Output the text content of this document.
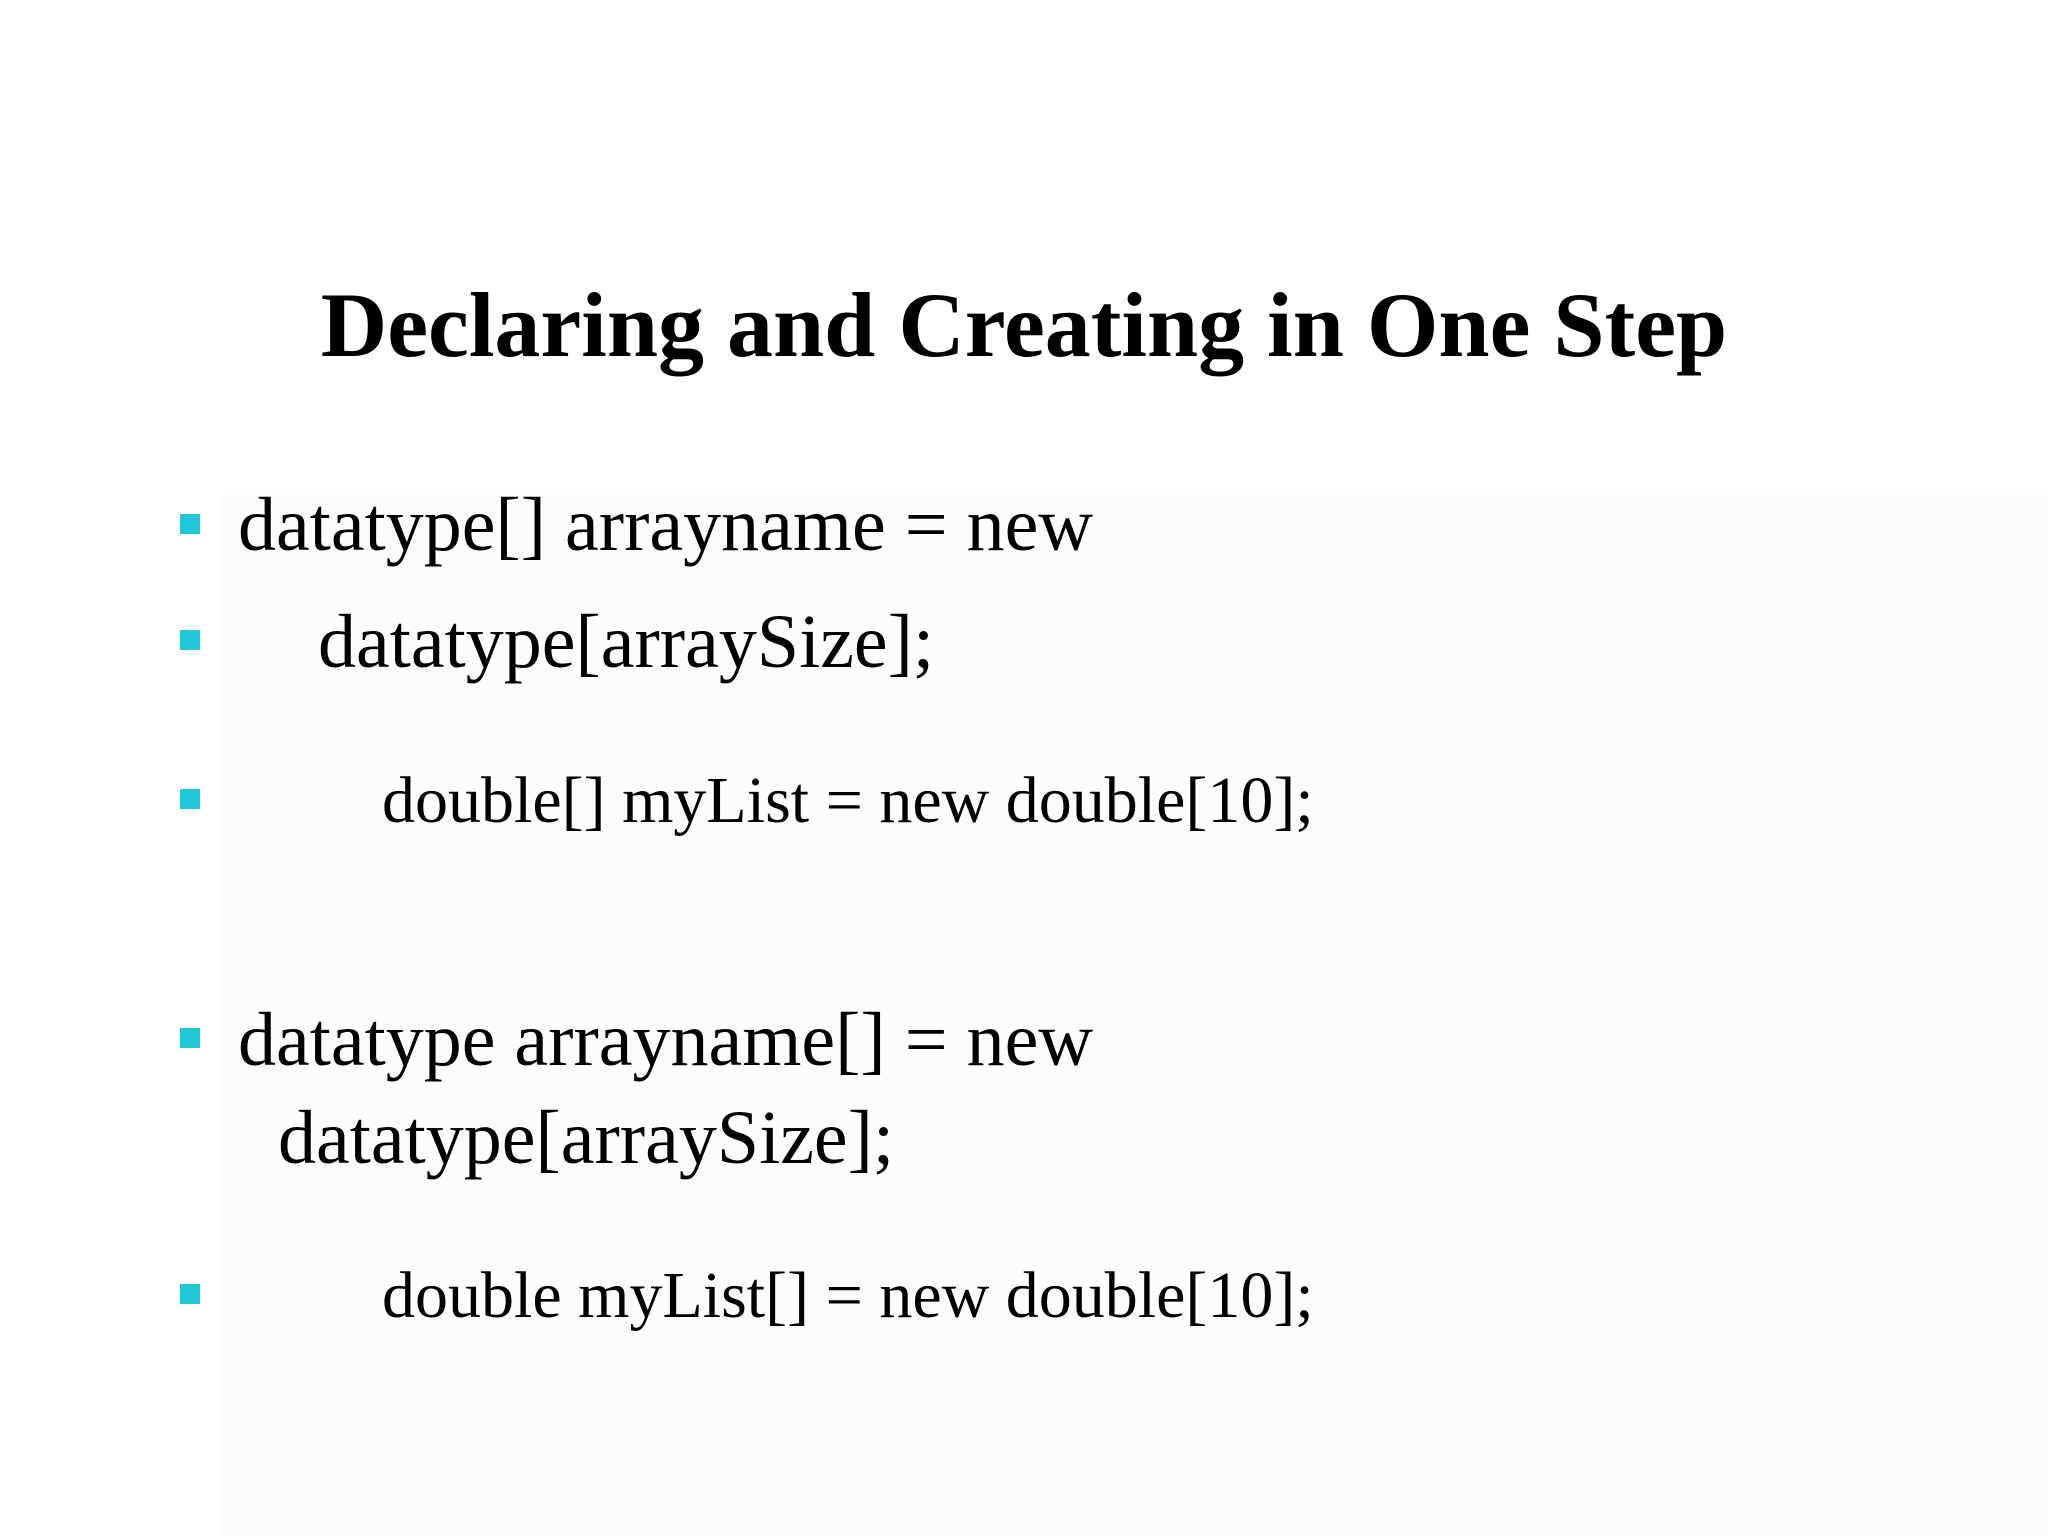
Declaring and Creating in One Step
datatype[] arrayname = new
datatype[arraySize];
double[] myList = new double[10];
datatype arrayname[] = new
datatype[arraySize];
double myList[] = new double[10];
